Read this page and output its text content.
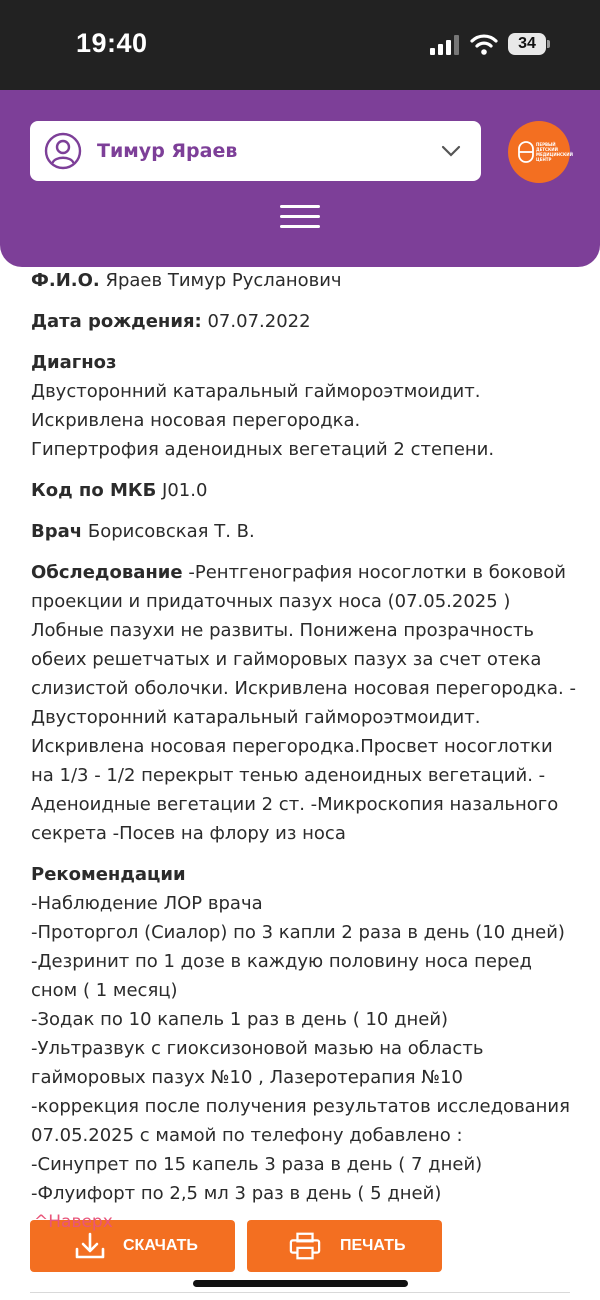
19:40	34
Тимур Яраев	ПЕРВЫЙ ДЕТСКИЙ МЕДИЦИНСКИЙ ЦЕНТР
Ф.И.О. Яраев Тимур Русланович
Дата рождения: 07.07.2022
Диагноз
Двусторонний катаральный гаймороэтмоидит.
Искривлена носовая перегородка.
Гипертрофия аденоидных вегетаций 2 степени.
Код по МКБ J01.0
Врач Борисовская Т. В.
Обследование -Рентгенография носоглотки в боковой проекции и придаточных пазух носа (07.05.2025 ) Лобные пазухи не развиты. Понижена прозрачность обеих решетчатых и гайморовых пазух за счет отека слизистой оболочки. Искривлена носовая перегородка. - Двусторонний катаральный гаймороэтмоидит. Искривлена носовая перегородка.Просвет носоглотки на 1/3 - 1/2 перекрыт тенью аденоидных вегетаций. - Аденоидные вегетации 2 ст. -Микроскопия назального секрета -Посев на флору из носа
Рекомендации
-Наблюдение ЛОР врача
-Проторгол (Сиалор) по 3 капли 2 раза в день (10 дней)
-Дезринит по 1 дозе в каждую половину носа перед сном ( 1 месяц)
-Зодак по 10 капель 1 раз в день ( 10 дней)
-Ультразвук с гиоксизоновой мазью на область гайморовых пазух №10 , Лазеротерапия №10
-коррекция после получения результатов исследования 07.05.2025 с мамой по телефону добавлено :
-Синупрет по 15 капель 3 раза в день ( 7 дней)
-Флуифорт по 2,5 мл 3 раз в день ( 5 дней)
^Наверх
СКАЧАТЬ	ПЕЧАТЬ
